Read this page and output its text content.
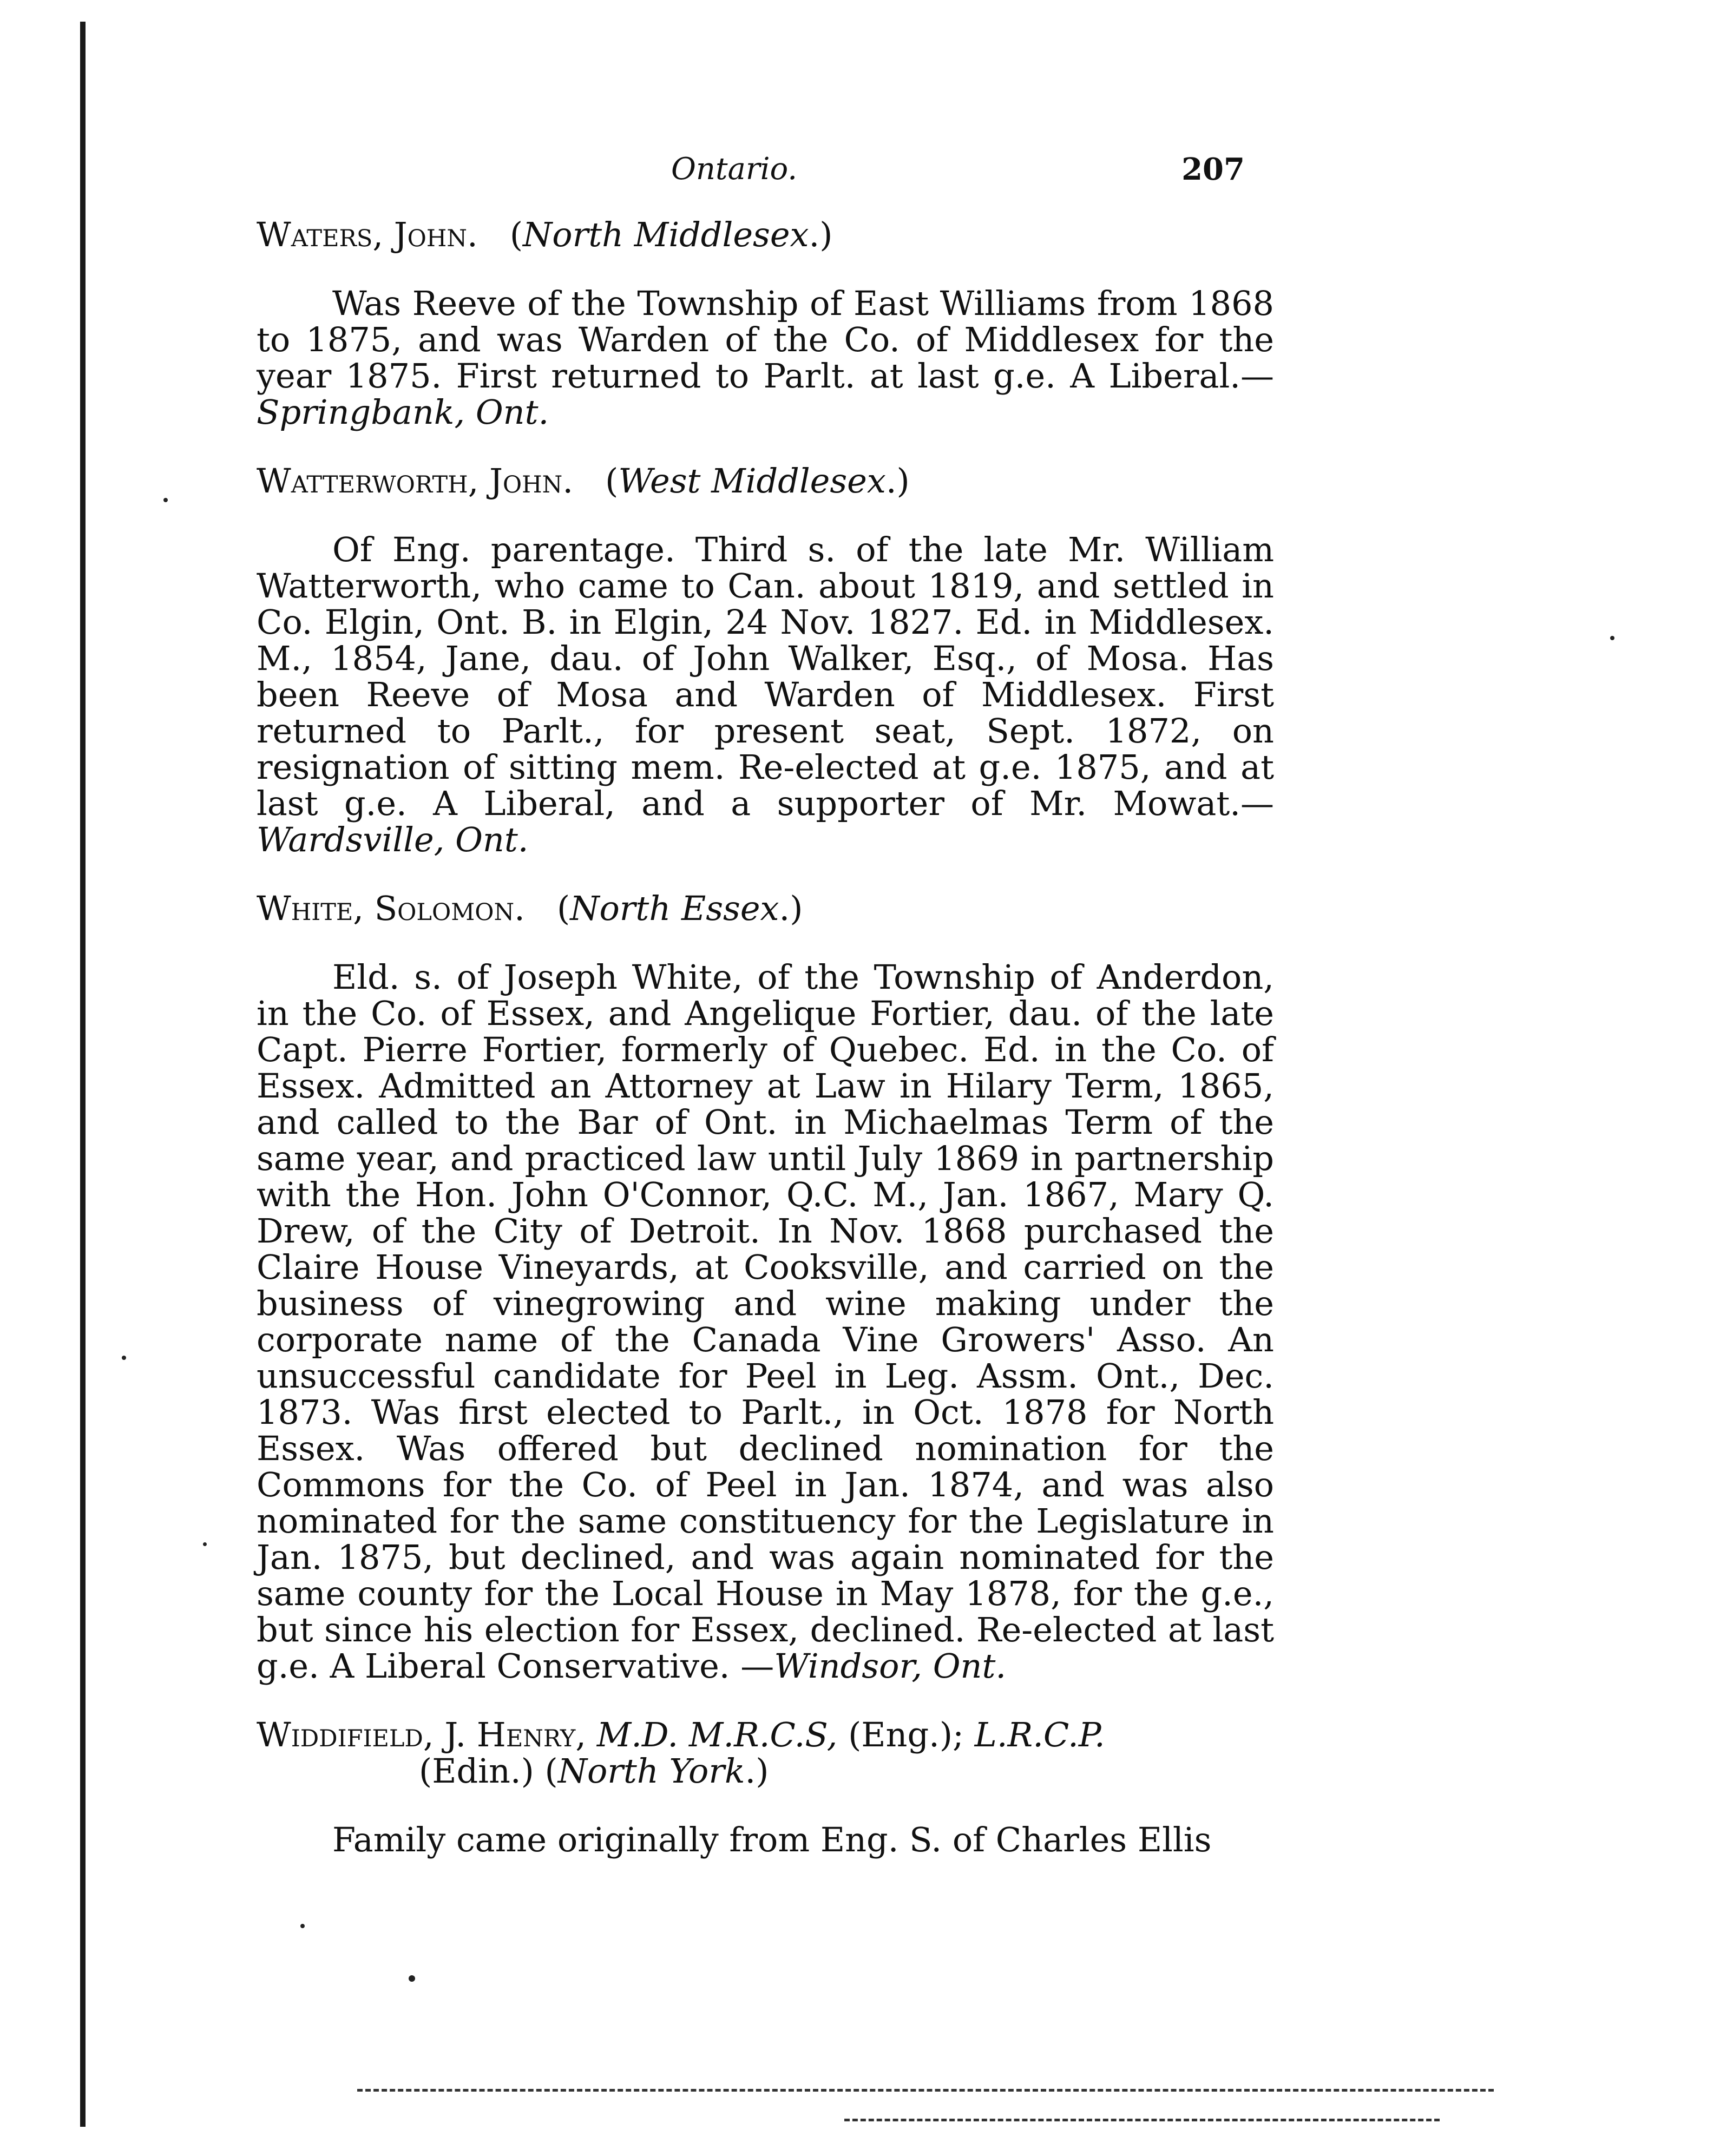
Ontario.	207
Waters, John.   (North Middlesex.)
Was Reeve of the Township of East Williams from 1868 to 1875, and was Warden of the Co. of Middlesex for the year 1875. First returned to Parlt. at last g.e. A Liberal.—Springbank, Ont.
Watterworth, John.   (West Middlesex.)
Of Eng. parentage. Third s. of the late Mr. William Watterworth, who came to Can. about 1819, and settled in Co. Elgin, Ont. B. in Elgin, 24 Nov. 1827. Ed. in Middlesex. M., 1854, Jane, dau. of John Walker, Esq., of Mosa. Has been Reeve of Mosa and Warden of Middlesex. First returned to Parlt., for present seat, Sept. 1872, on resignation of sitting mem. Re-elected at g.e. 1875, and at last g.e. A Liberal, and a supporter of Mr. Mowat.—Wardsville, Ont.
White, Solomon.   (North Essex.)
Eld. s. of Joseph White, of the Township of Anderdon, in the Co. of Essex, and Angelique Fortier, dau. of the late Capt. Pierre Fortier, formerly of Quebec. Ed. in the Co. of Essex. Admitted an Attorney at Law in Hilary Term, 1865, and called to the Bar of Ont. in Michaelmas Term of the same year, and practiced law until July 1869 in partnership with the Hon. John O'Connor, Q.C. M., Jan. 1867, Mary Q. Drew, of the City of Detroit. In Nov. 1868 purchased the Claire House Vineyards, at Cooksville, and carried on the business of vinegrowing and wine making under the corporate name of the Canada Vine Growers' Asso. An unsuccessful candidate for Peel in Leg. Assm. Ont., Dec. 1873. Was first elected to Parlt., in Oct. 1878 for North Essex. Was offered but declined nomination for the Commons for the Co. of Peel in Jan. 1874, and was also nominated for the same constituency for the Legislature in Jan. 1875, but declined, and was again nominated for the same county for the Local House in May 1878, for the g.e., but since his election for Essex, declined. Re-elected at last g.e. A Liberal Conservative. —Windsor, Ont.
Widdifield, J. Henry, M.D. M.R.C.S, (Eng.); L.R.C.P.
(Edin.) (North York.)
Family came originally from Eng. S. of Charles Ellis
